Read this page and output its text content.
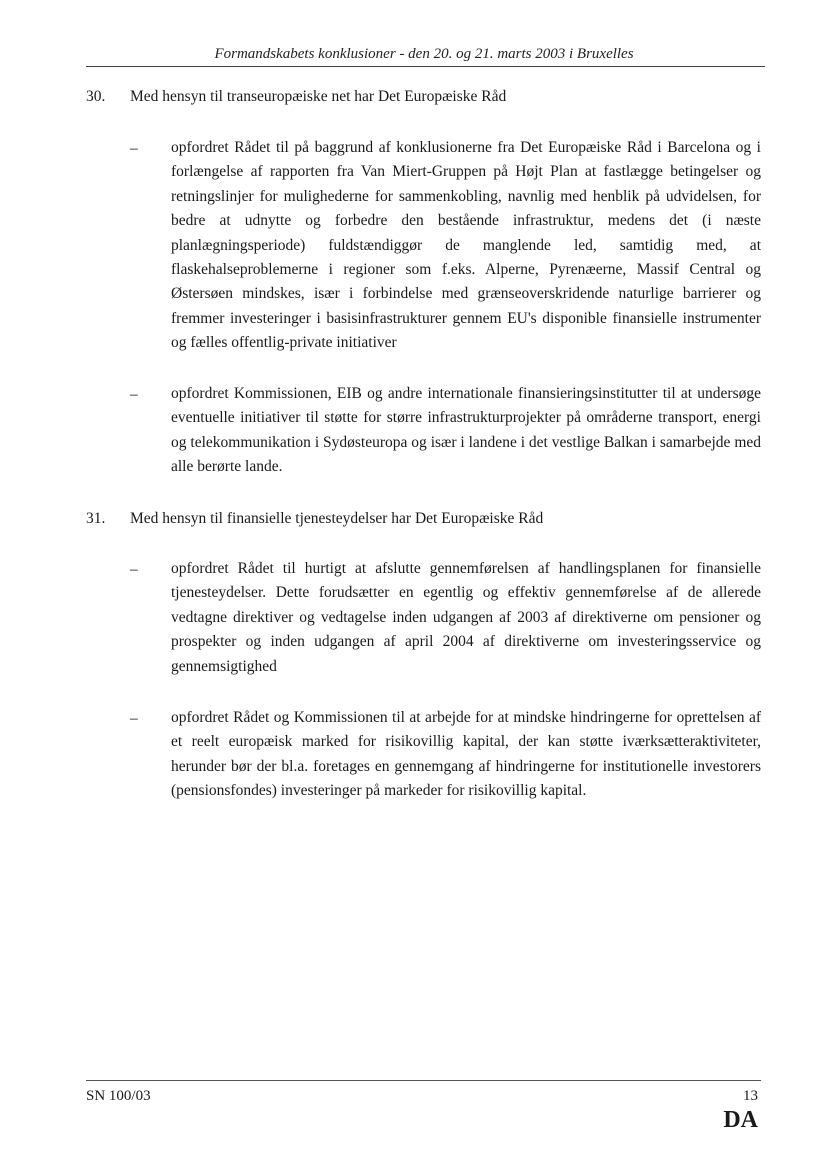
Formandskabets konklusioner - den 20. og 21. marts 2003 i Bruxelles
30. Med hensyn til transeuropæiske net har Det Europæiske Råd
– opfordret Rådet til på baggrund af konklusionerne fra Det Europæiske Råd i Barcelona og i forlængelse af rapporten fra Van Miert-Gruppen på Højt Plan at fastlægge betingelser og retningslinjer for mulighederne for sammenkobling, navnlig med henblik på udvidelsen, for bedre at udnytte og forbedre den bestående infrastruktur, medens det (i næste planlægningsperiode) fuldstændiggør de manglende led, samtidig med, at flaskehalseproblemerne i regioner som f.eks. Alperne, Pyrenæerne, Massif Central og Østersøen mindskes, især i forbindelse med grænseoverskridende naturlige barrierer og fremmer investeringer i basisinfrastrukturer gennem EU's disponible finansielle instrumenter og fælles offentlig-private initiativer
– opfordret Kommissionen, EIB og andre internationale finansieringsinstitutter til at undersøge eventuelle initiativer til støtte for større infrastrukturprojekter på områderne transport, energi og telekommunikation i Sydøsteuropa og især i landene i det vestlige Balkan i samarbejde med alle berørte lande.
31. Med hensyn til finansielle tjenesteydelser har Det Europæiske Råd
– opfordret Rådet til hurtigt at afslutte gennemførelsen af handlingsplanen for finansielle tjenesteydelser. Dette forudsætter en egentlig og effektiv gennemførelse af de allerede vedtagne direktiver og vedtagelse inden udgangen af 2003 af direktiverne om pensioner og prospekter og inden udgangen af april 2004 af direktiverne om investeringsservice og gennemsigtighed
– opfordret Rådet og Kommissionen til at arbejde for at mindske hindringerne for oprettelsen af et reelt europæisk marked for risikovillig kapital, der kan støtte iværksætteraktiviteter, herunder bør der bl.a. foretages en gennemgang af hindringerne for institutionelle investorers (pensionsfondes) investeringer på markeder for risikovillig kapital.
SN 100/03	13
DA
